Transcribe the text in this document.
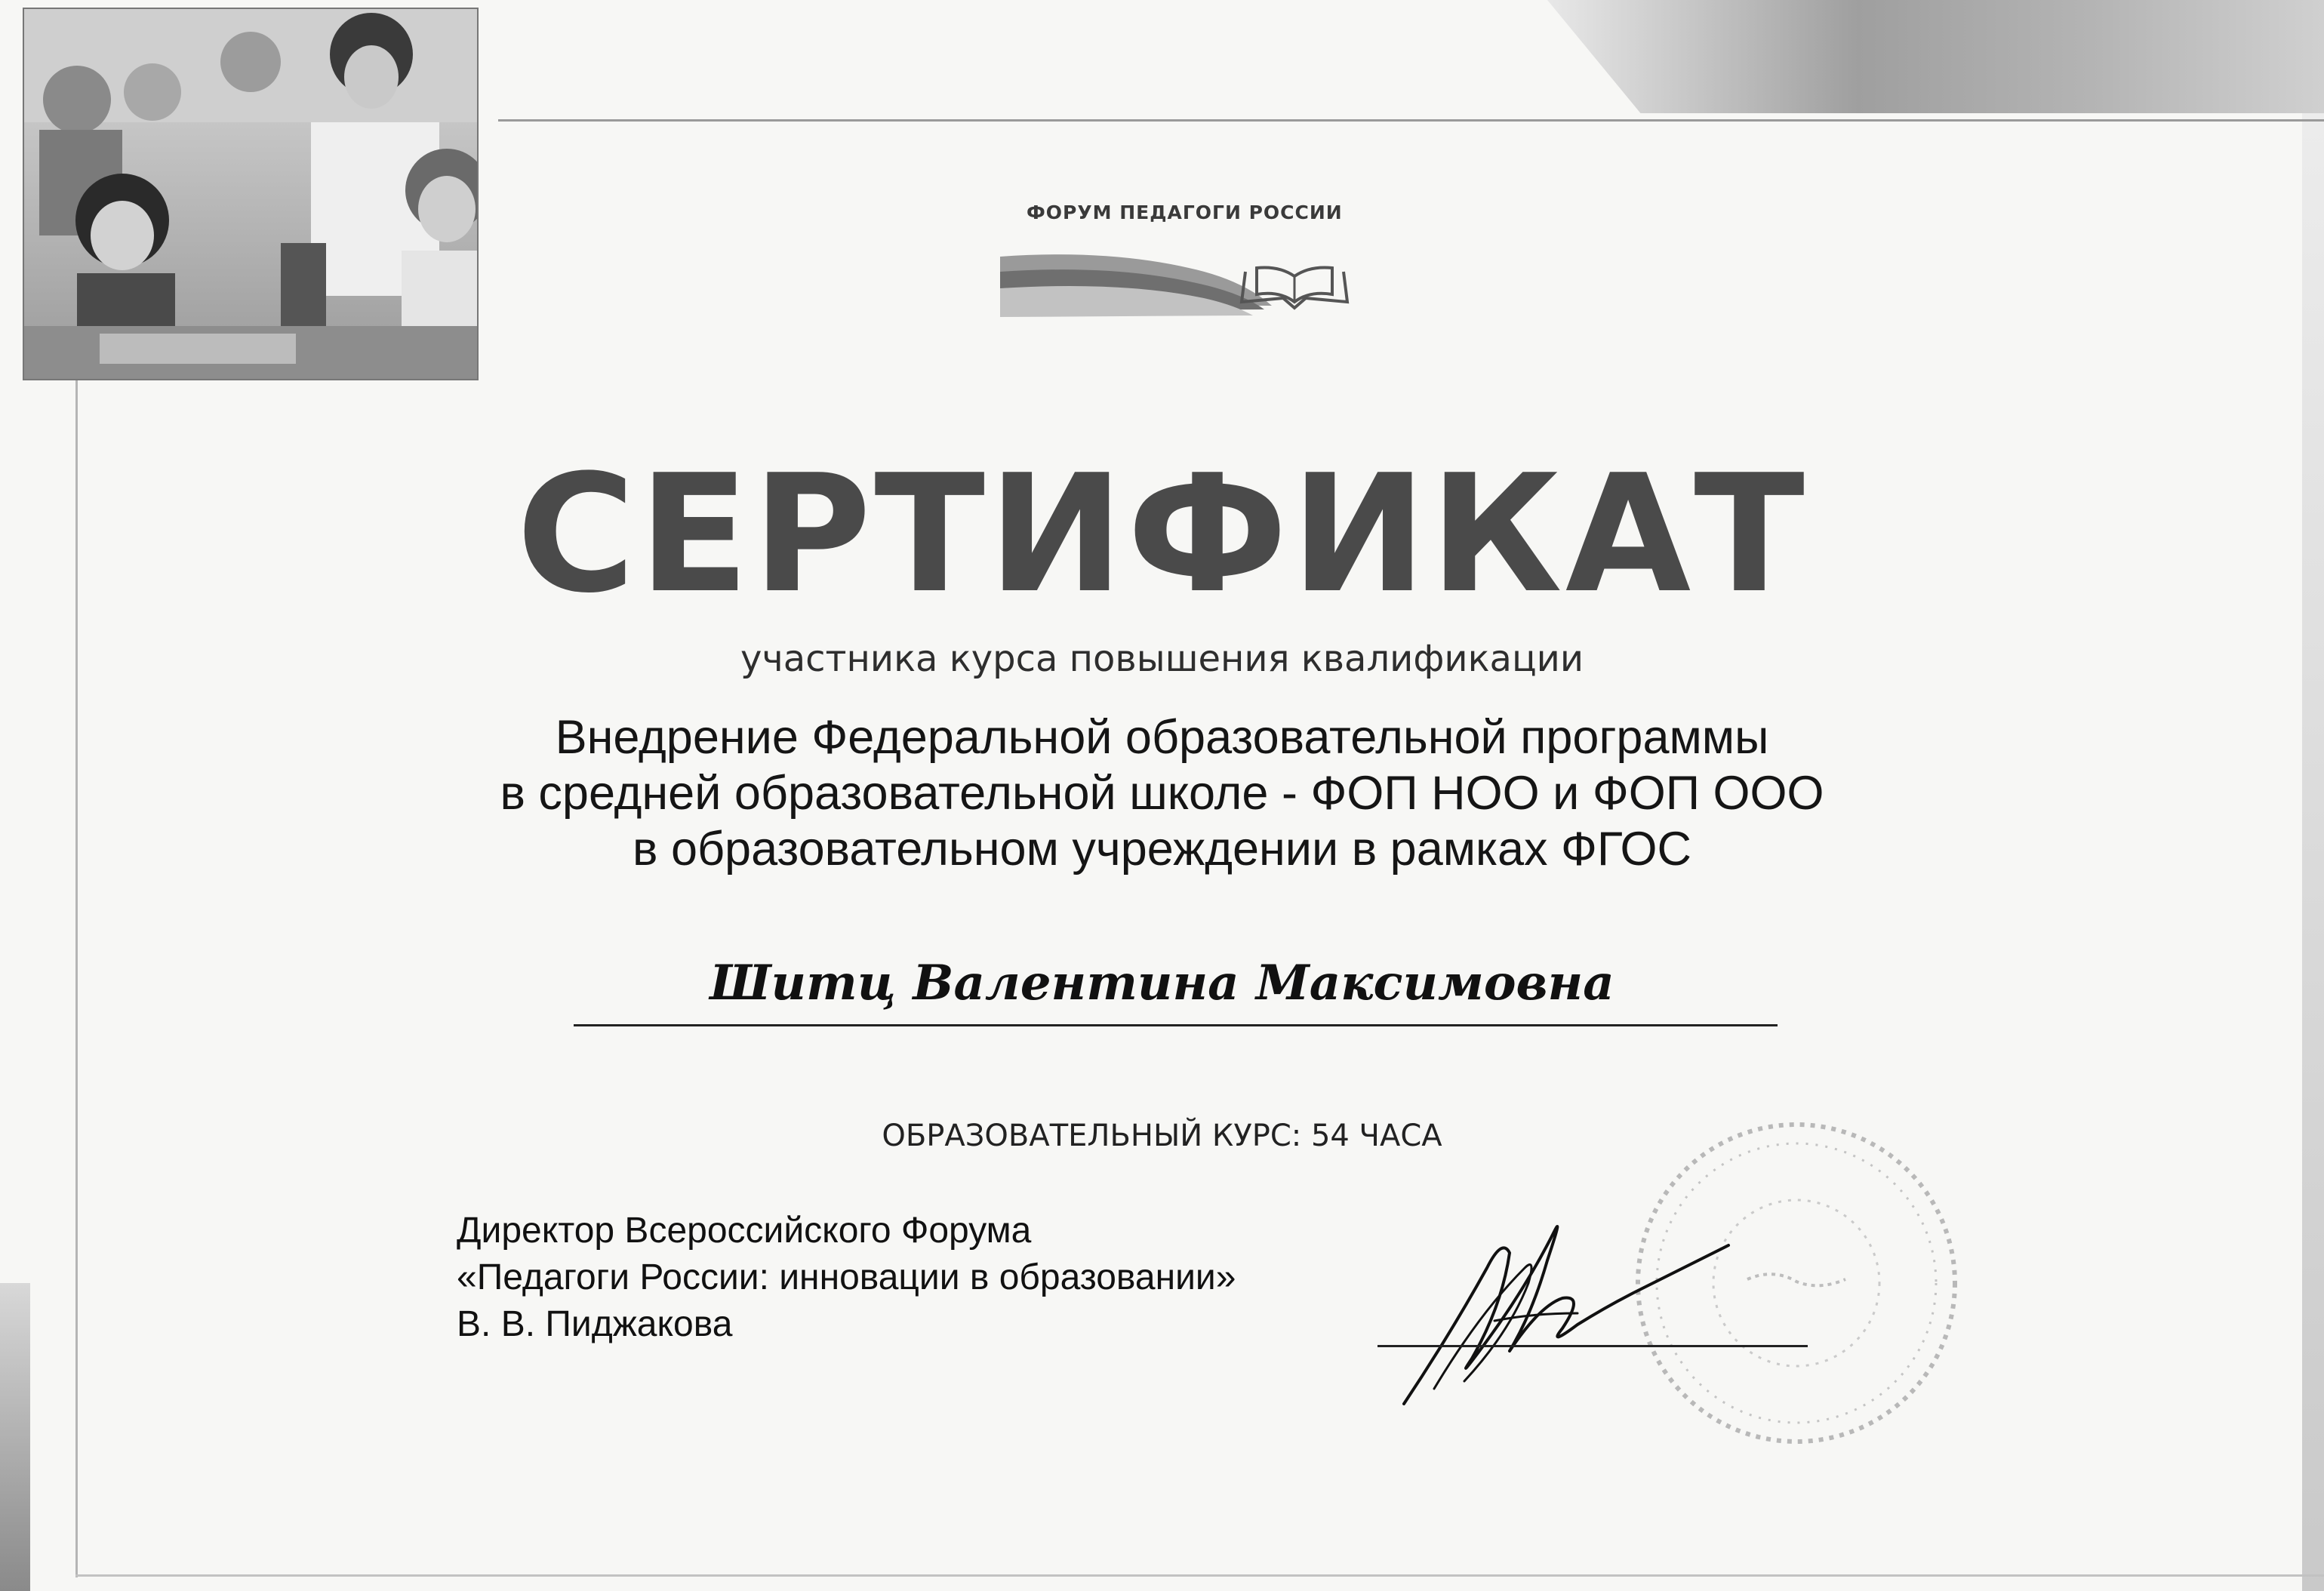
ФОРУМ ПЕДАГОГИ РОССИИ
СЕРТИФИКАТ
участника курса повышения квалификации
Внедрение Федеральной образовательной программы
в средней образовательной школе - ФОП НОО и ФОП ООО
в образовательном учреждении в рамках ФГОС
Шитц Валентина Максимовна
ОБРАЗОВАТЕЛЬНЫЙ КУРС: 54 ЧАСА
Директор Всероссийского Форума
«Педагоги России: инновации в образовании»
В. В. Пиджакова
